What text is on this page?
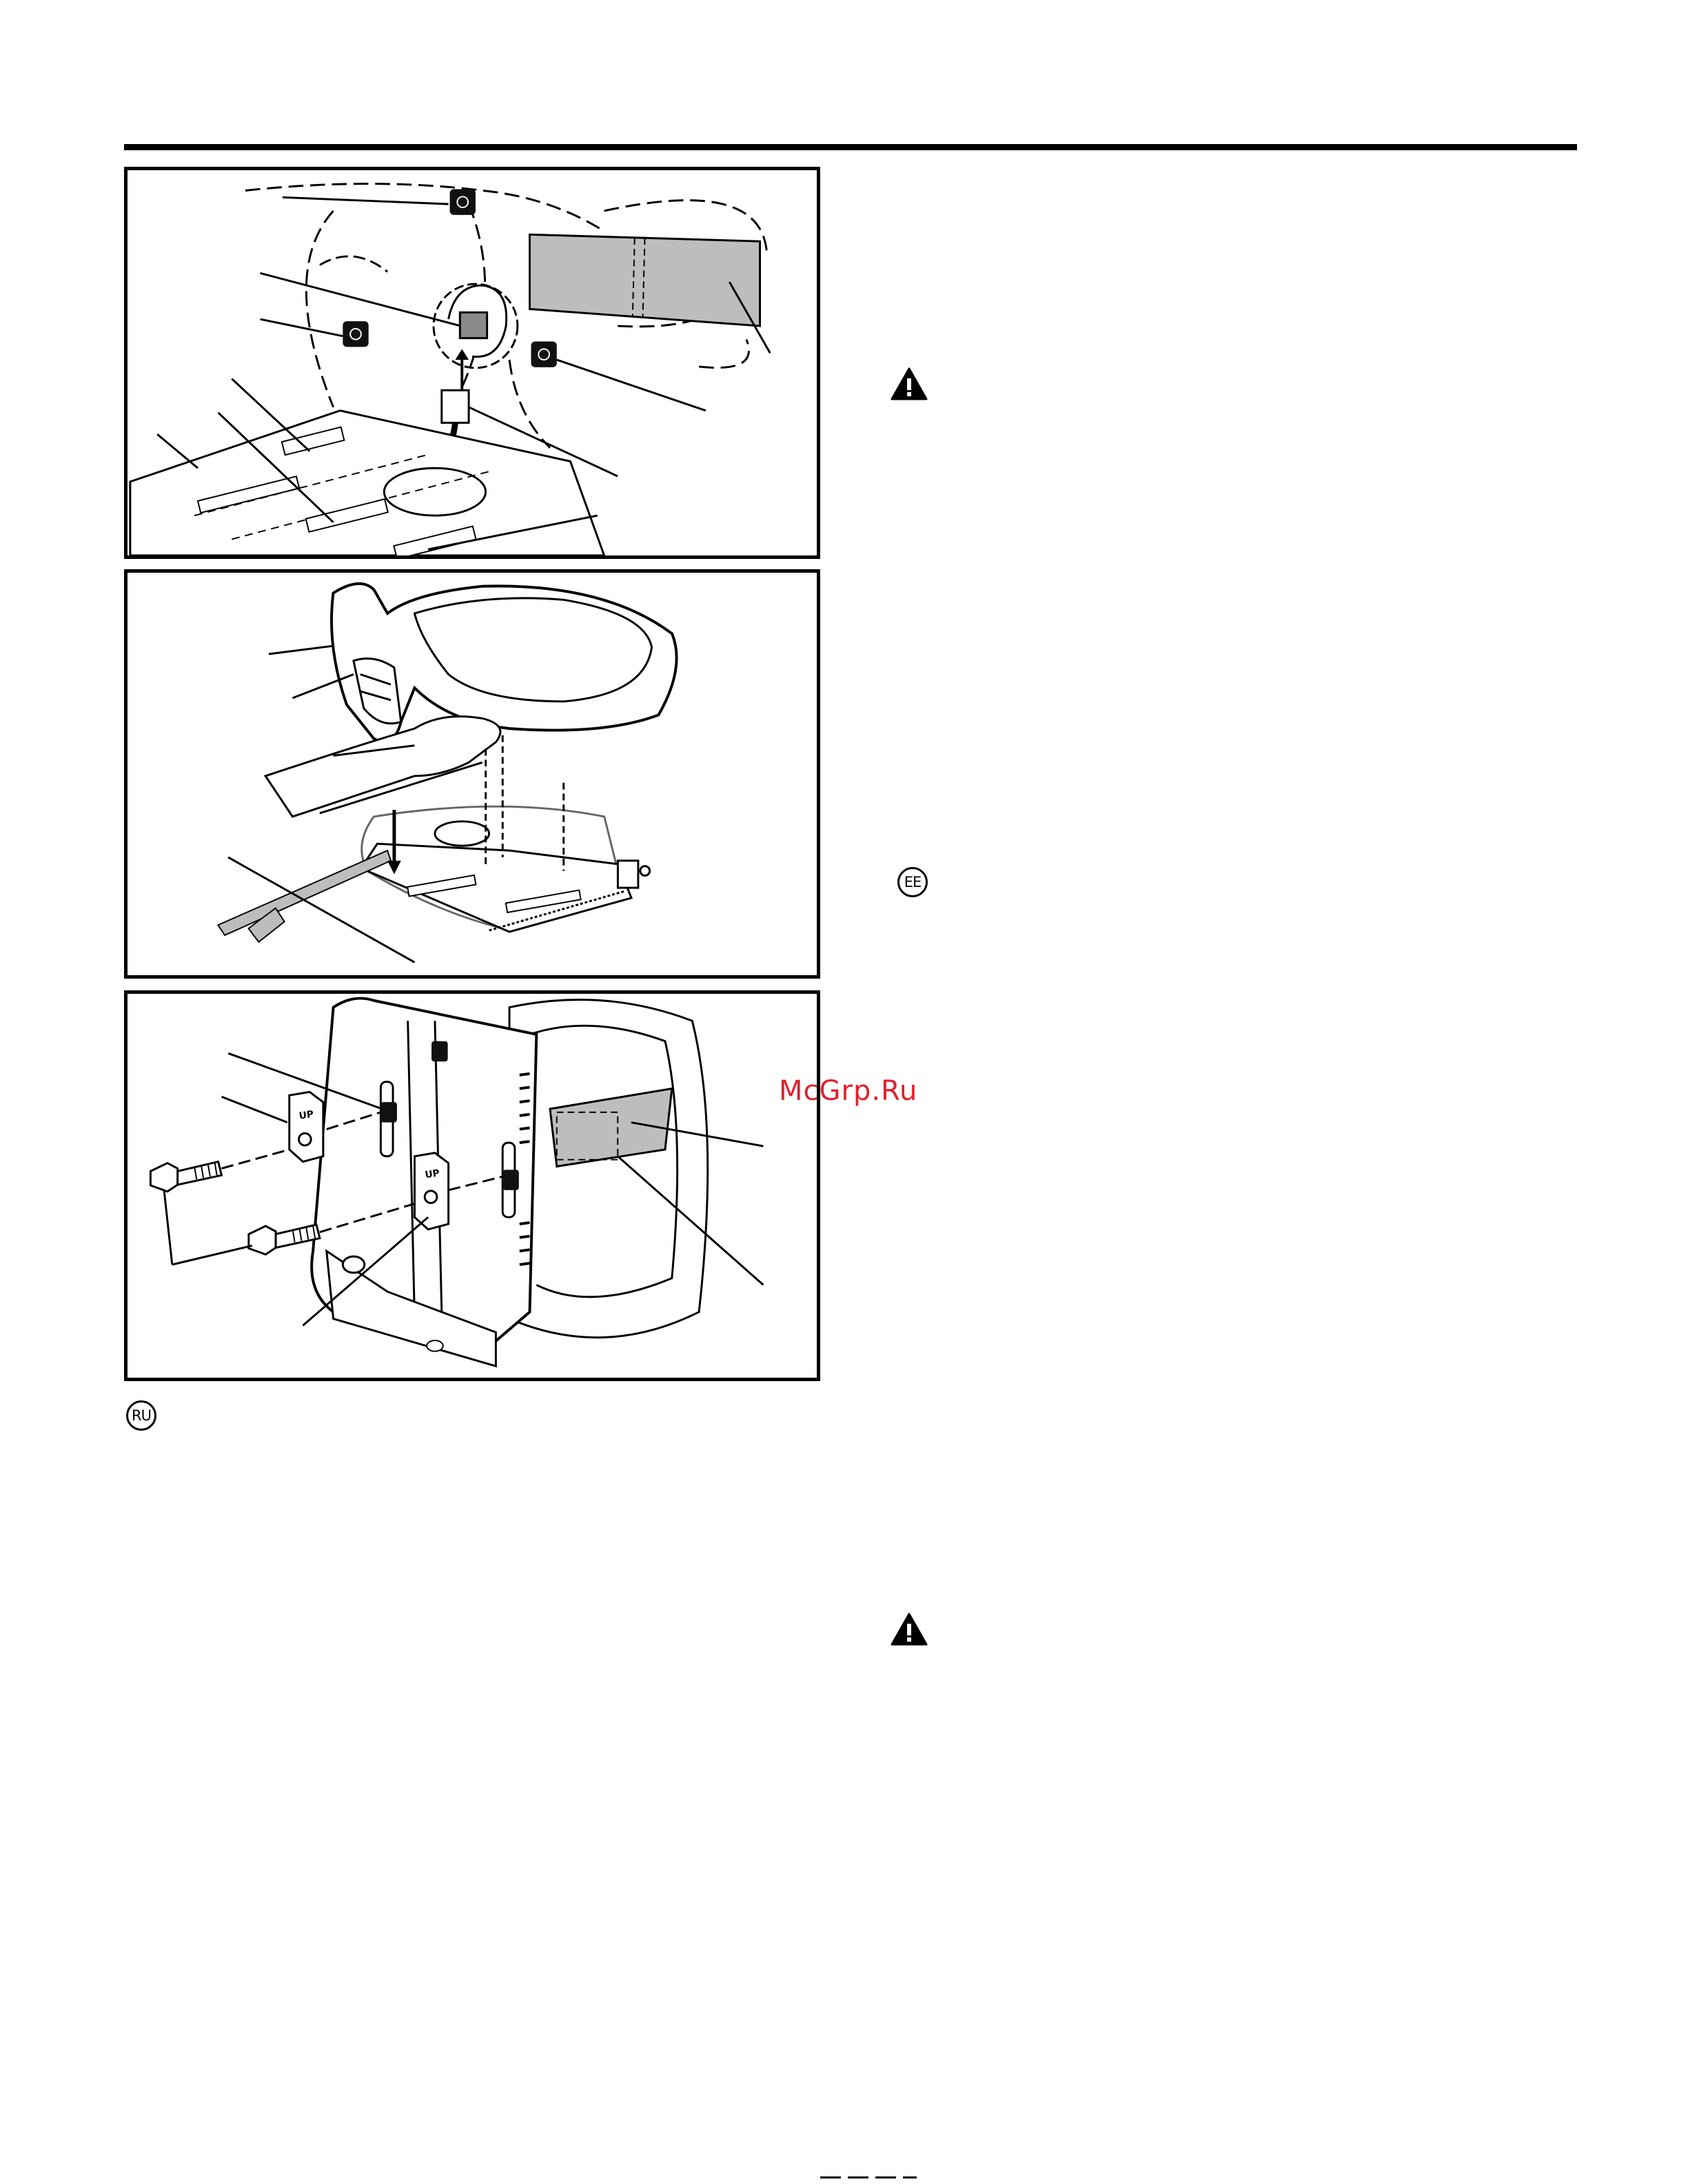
UP
UP
RU
EE
McGrp.Ru
